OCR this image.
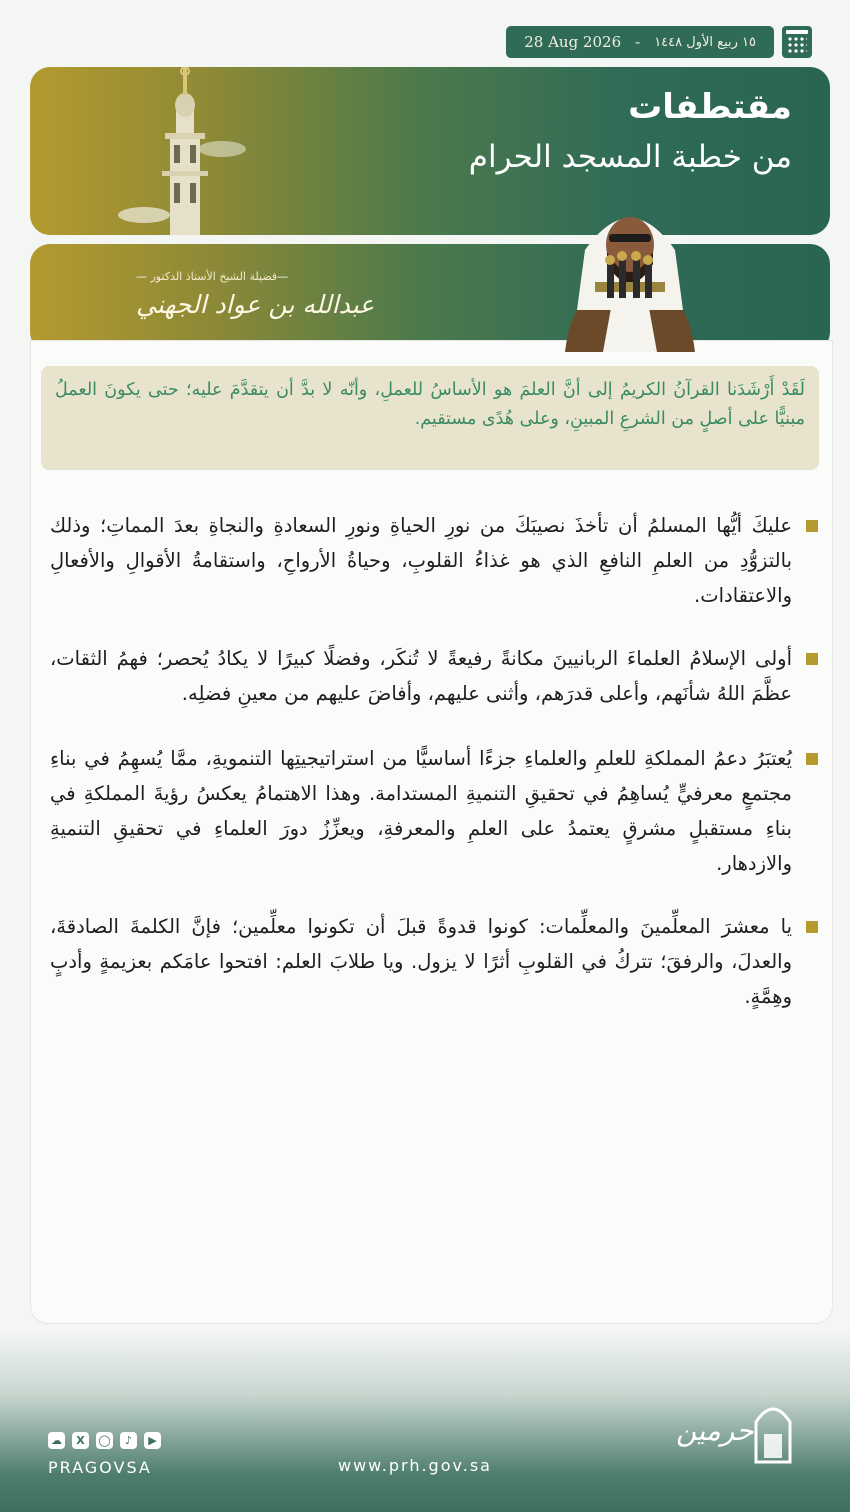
28 Aug 2026 - ١٥ ربيع الأول ١٤٤٨
مقتطفات
من خطبة المسجد الحرام
— فضيلة الشيخ الأستاذ الدكتور —
عبدالله بن عواد الجهني
لَقَدْ أَرْشَدَنا القرآنُ الكريمُ إلى أنَّ العلمَ هو الأساسُ للعملِ، وأنّه لا بدَّ أن يتقدَّمَ عليه؛ حتى يكونَ العملُ مبنيًّا على أصلٍ من الشرعِ المبينِ، وعلى هُدًى مستقيم.
عليكَ أيُّها المسلمُ أن تأخذَ نصيبَكَ من نورِ الحياةِ ونورِ السعادةِ والنجاةِ بعدَ المماتِ؛ وذلك بالتزوُّدِ من العلمِ النافعِ الذي هو غذاءُ القلوبِ، وحياةُ الأرواحِ، واستقامةُ الأقوالِ والأفعالِ والاعتقادات.
أولى الإسلامُ العلماءَ الربانيينَ مكانةً رفيعةً لا تُنكَر، وفضلًا كبيرًا لا يكادُ يُحصر؛ فهمُ الثقات، عظَّمَ اللهُ شأنَهم، وأعلى قدرَهم، وأثنى عليهم، وأفاضَ عليهم من معينِ فضلِه.
يُعتبَرُ دعمُ المملكةِ للعلمِ والعلماءِ جزءًا أساسيًّا من استراتيجيتِها التنمويةِ، ممَّا يُسهِمُ في بناءِ مجتمعٍ معرفيٍّ يُساهِمُ في تحقيقِ التنميةِ المستدامة. وهذا الاهتمامُ يعكسُ رؤيةَ المملكةِ في بناءِ مستقبلٍ مشرقٍ يعتمدُ على العلمِ والمعرفةِ، ويعزِّزُ دورَ العلماءِ في تحقيقِ التنميةِ والازدهار.
يا معشرَ المعلِّمينَ والمعلِّمات: كونوا قدوةً قبلَ أن تكونوا معلِّمين؛ فإنَّ الكلمةَ الصادقةَ، والعدلَ، والرفقَ؛ تتركُ في القلوبِ أثرًا لا يزول. ويا طلابَ العلم: افتحوا عامَكم بعزيمةٍ وأدبٍ وهِمَّةٍ.
☁	X	◯	♪	▶
PRAGOVSA	www.prh.gov.sa
حرمين
